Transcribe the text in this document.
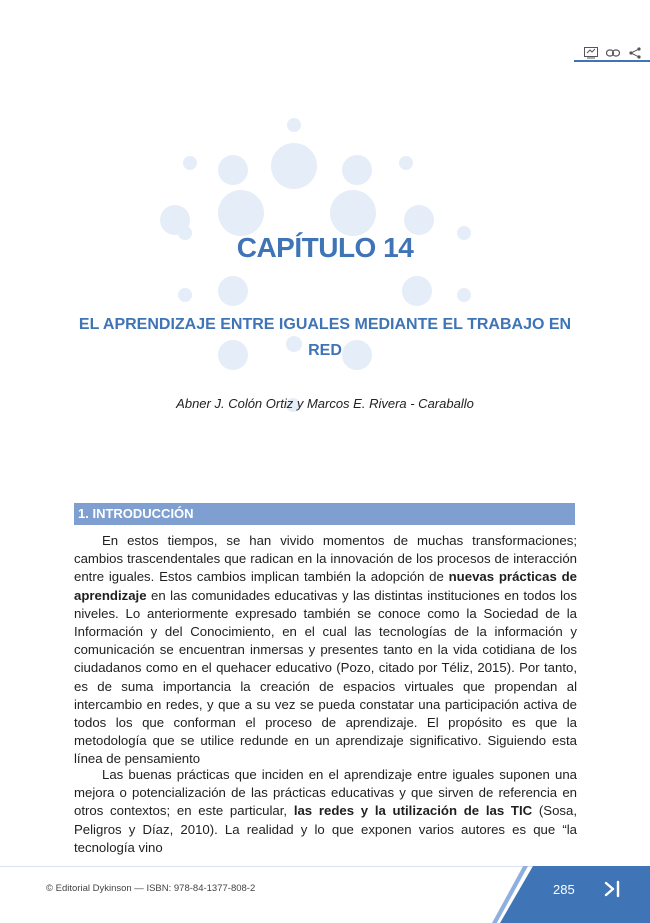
CAPÍTULO 14
EL APRENDIZAJE ENTRE IGUALES MEDIANTE EL TRABAJO EN RED
Abner J. Colón Ortiz y Marcos E. Rivera - Caraballo
1. INTRODUCCIÓN
En estos tiempos, se han vivido momentos de muchas transformaciones; cambios trascendentales que radican en la innovación de los procesos de interacción entre iguales. Estos cambios implican también la adopción de nuevas prácticas de aprendizaje en las comunidades educativas y las distintas instituciones en todos los niveles. Lo anteriormente expresado también se conoce como la Sociedad de la Información y del Conocimiento, en el cual las tecnologías de la información y comunicación se encuentran inmersas y presentes tanto en la vida cotidiana de los ciudadanos como en el quehacer educativo (Pozo, citado por Téliz, 2015). Por tanto, es de suma importancia la creación de espacios virtuales que propendan al intercambio en redes, y que a su vez se pueda constatar una participación activa de todos los que conforman el proceso de aprendizaje. El propósito es que la metodología que se utilice redunde en un aprendizaje significativo. Siguiendo esta línea de pensamiento
Las buenas prácticas que inciden en el aprendizaje entre iguales suponen una mejora o potencialización de las prácticas educativas y que sirven de referencia en otros contextos; en este particular, las redes y la utilización de las TIC (Sosa, Peligros y Díaz, 2010). La realidad y lo que exponen varios autores es que “la tecnología vino
© Editorial Dykinson — ISBN: 978-84-1377-808-2	285
